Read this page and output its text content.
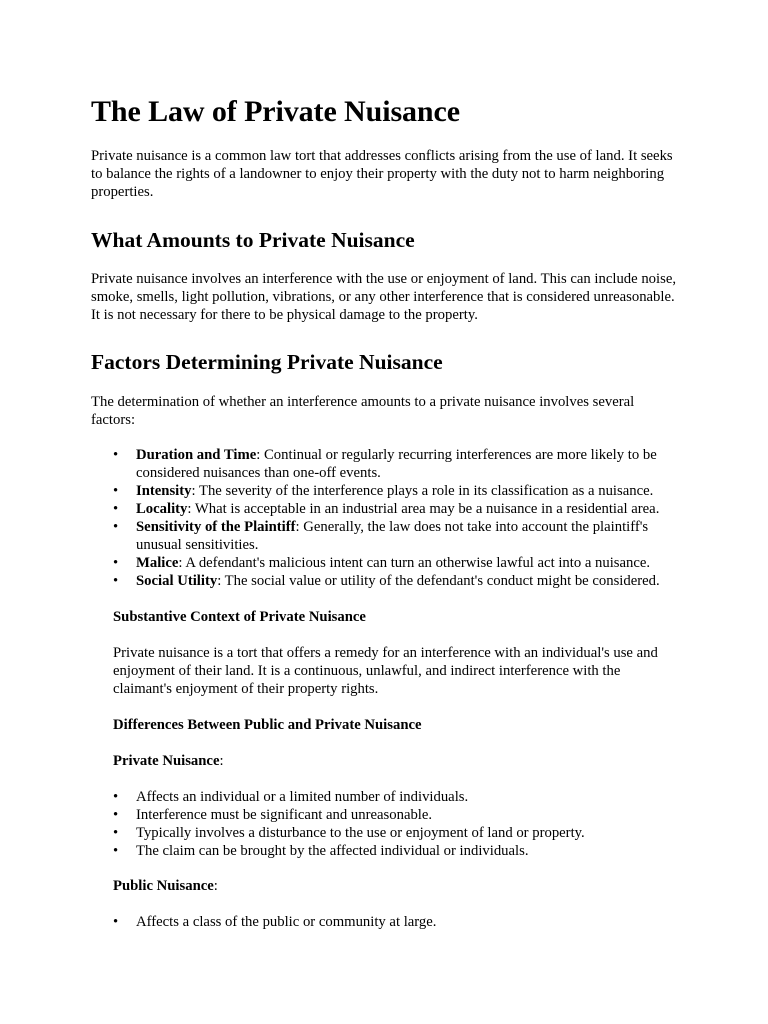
The Law of Private Nuisance

Private nuisance is a common law tort that addresses conflicts arising from the use of land. It seeks to balance the rights of a landowner to enjoy their property with the duty not to harm neighboring properties.

What Amounts to Private Nuisance

Private nuisance involves an interference with the use or enjoyment of land. This can include noise, smoke, smells, light pollution, vibrations, or any other interference that is considered unreasonable. It is not necessary for there to be physical damage to the property.

Factors Determining Private Nuisance

The determination of whether an interference amounts to a private nuisance involves several factors:

• Duration and Time: Continual or regularly recurring interferences are more likely to be considered nuisances than one-off events.
• Intensity: The severity of the interference plays a role in its classification as a nuisance.
• Locality: What is acceptable in an industrial area may be a nuisance in a residential area.
• Sensitivity of the Plaintiff: Generally, the law does not take into account the plaintiff's unusual sensitivities.
• Malice: A defendant's malicious intent can turn an otherwise lawful act into a nuisance.
• Social Utility: The social value or utility of the defendant's conduct might be considered.

Substantive Context of Private Nuisance

Private nuisance is a tort that offers a remedy for an interference with an individual's use and enjoyment of their land. It is a continuous, unlawful, and indirect interference with the claimant's enjoyment of their property rights.

Differences Between Public and Private Nuisance

Private Nuisance:

• Affects an individual or a limited number of individuals.
• Interference must be significant and unreasonable.
• Typically involves a disturbance to the use or enjoyment of land or property.
• The claim can be brought by the affected individual or individuals.

Public Nuisance:

• Affects a class of the public or community at large.
